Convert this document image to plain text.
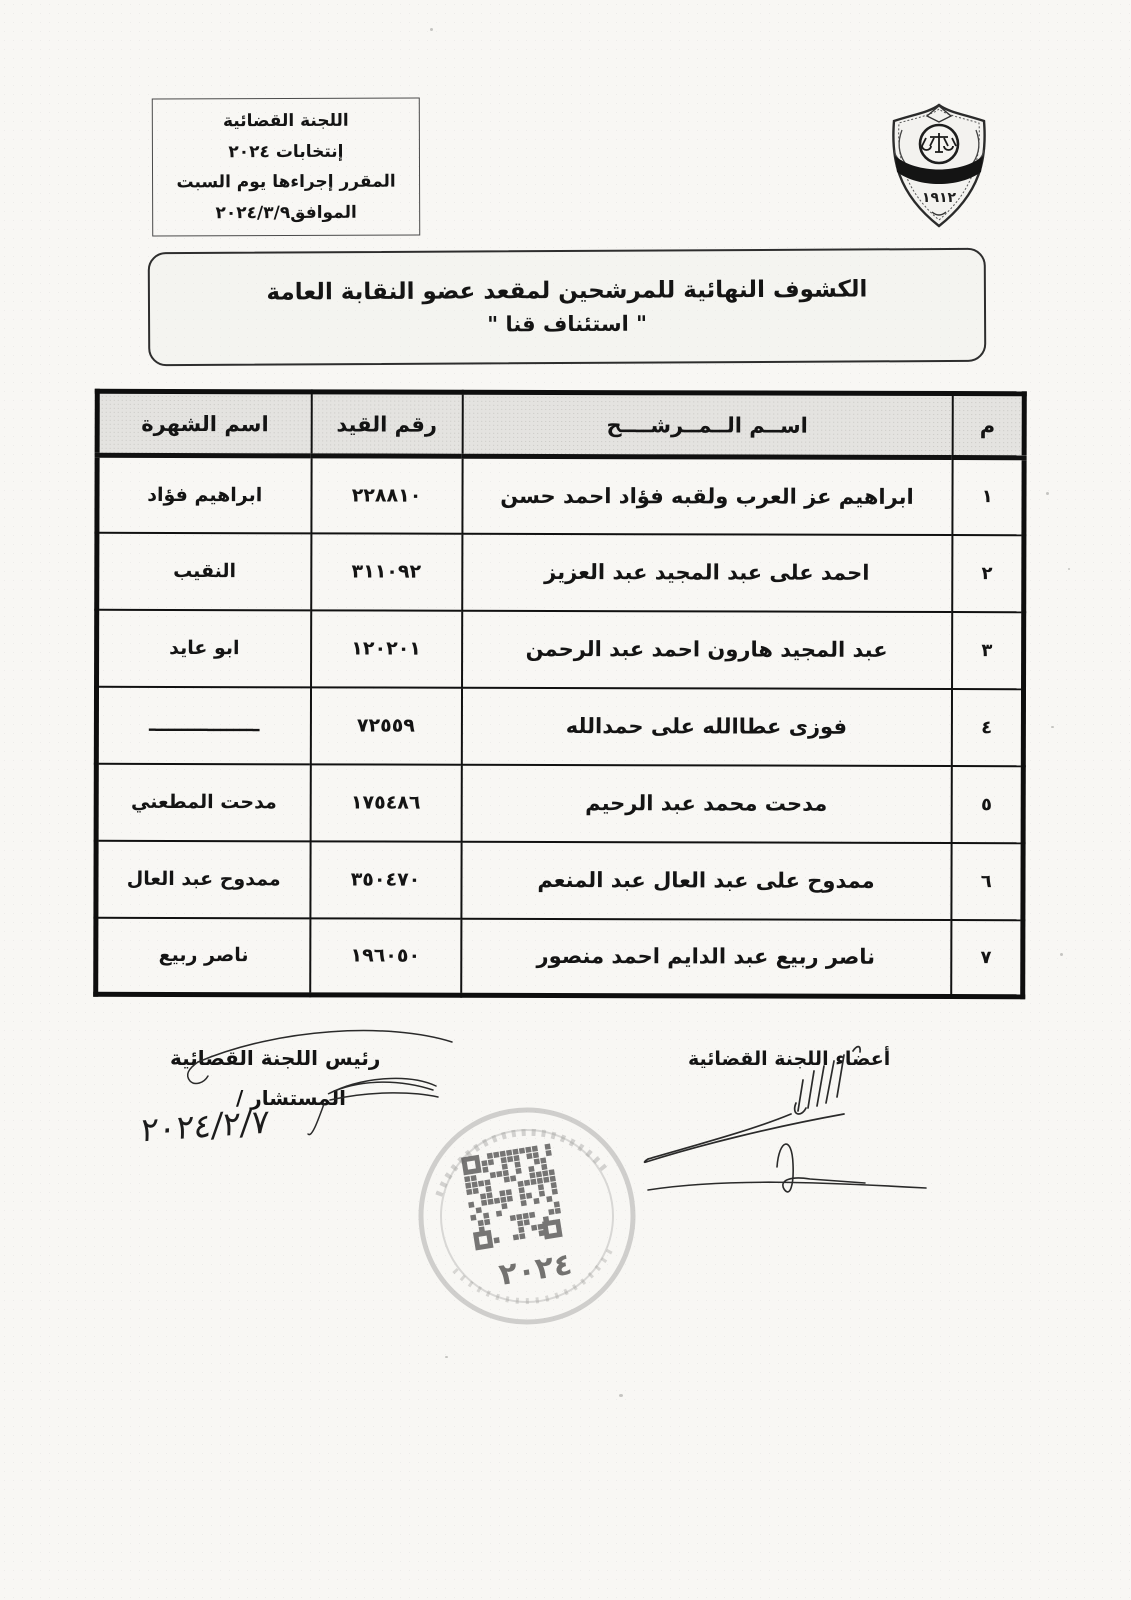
اللجنة القضائية
إنتخابات ٢٠٢٤
المقرر إجراءها يوم السبت
الموافق٢٠٢٤/٣/٩
١٩١٢
الكشوف النهائية للمرشحين لمقعد عضو النقابة العامة
" استئناف قنا "
م	اســم الــمــرشــــح	رقم القيد	اسم الشهرة
١	ابراهيم عز العرب ولقبه فؤاد احمد حسن	٢٢٨٨١٠	ابراهيم فؤاد
٢	احمد على عبد المجيد عبد العزيز	٣١١٠٩٢	النقيب
٣	عبد المجيد هارون احمد عبد الرحمن	١٢٠٢٠١	ابو عايد
٤	فوزى عطاالله على حمدالله	٧٢٥٥٩	ـــــــــــــــــ
٥	مدحت محمد عبد الرحيم	١٧٥٤٨٦	مدحت المطعني
٦	ممدوح على عبد العال عبد المنعم	٣٥٠٤٧٠	ممدوح عبد العال
٧	ناصر ربيع عبد الدايم احمد منصور	١٩٦٠٥٠	ناصر ربيع
أعضاء اللجنة القضائية
رئيس اللجنة القضائية
المستشار /
٢٠٢٤/٢/٧
٢٠٢٤
